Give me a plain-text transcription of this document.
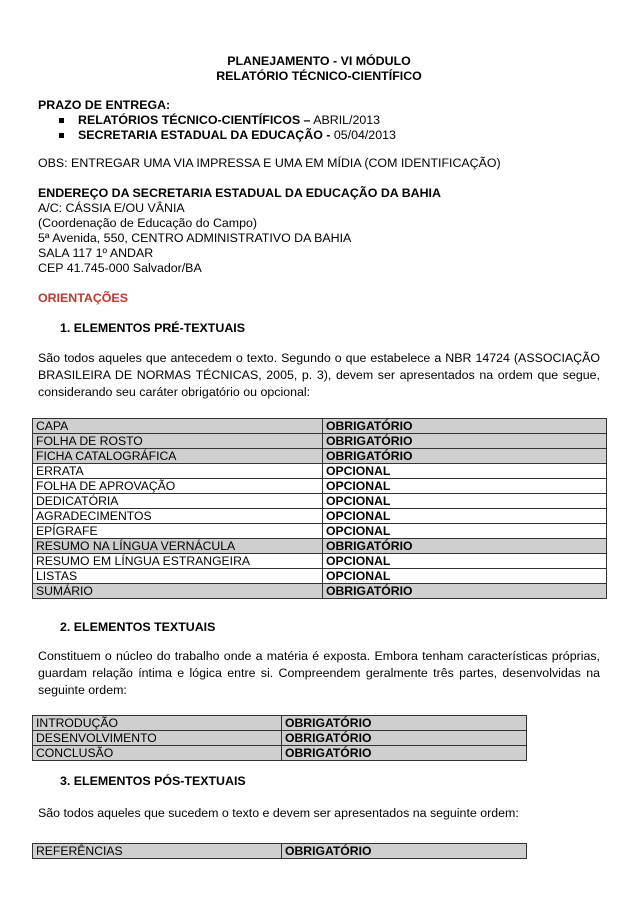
PLANEJAMENTO - VI MÓDULO
RELATÓRIO TÉCNICO-CIENTÍFICO
PRAZO DE ENTREGA:
RELATÓRIOS TÉCNICO-CIENTÍFICOS – ABRIL/2013
SECRETARIA ESTADUAL DA EDUCAÇÃO - 05/04/2013
OBS: ENTREGAR UMA VIA IMPRESSA E UMA EM MÍDIA (COM IDENTIFICAÇÃO)
ENDEREÇO DA SECRETARIA ESTADUAL DA EDUCAÇÃO DA BAHIA
A/C: CÁSSIA E/OU VÂNIA
(Coordenação de Educação do Campo)
5ª Avenida, 550, CENTRO ADMINISTRATIVO DA BAHIA
SALA 117 1º ANDAR
CEP 41.745-000 Salvador/BA
ORIENTAÇÕES
1. ELEMENTOS PRÉ-TEXTUAIS
São todos aqueles que antecedem o texto. Segundo o que estabelece a NBR 14724 (ASSOCIAÇÃO BRASILEIRA DE NORMAS TÉCNICAS, 2005, p. 3), devem ser apresentados na ordem que segue, considerando seu caráter obrigatório ou opcional:
CAPA	OBRIGATÓRIO
FOLHA DE ROSTO	OBRIGATÓRIO
FICHA CATALOGRÁFICA	OBRIGATÓRIO
ERRATA	OPCIONAL
FOLHA DE APROVAÇÃO	OPCIONAL
DEDICATÓRIA	OPCIONAL
AGRADECIMENTOS	OPCIONAL
EPÍGRAFE	OPCIONAL
RESUMO NA LÍNGUA VERNÁCULA	OBRIGATÓRIO
RESUMO EM LÍNGUA ESTRANGEIRA	OPCIONAL
LISTAS	OPCIONAL
SUMÁRIO	OBRIGATÓRIO
2. ELEMENTOS TEXTUAIS
Constituem o núcleo do trabalho onde a matéria é exposta. Embora tenham características próprias, guardam relação íntima e lógica entre si. Compreendem geralmente três partes, desenvolvidas na seguinte ordem:
INTRODUÇÃO	OBRIGATÓRIO
DESENVOLVIMENTO	OBRIGATÓRIO
CONCLUSÃO	OBRIGATÓRIO
3. ELEMENTOS PÓS-TEXTUAIS
São todos aqueles que sucedem o texto e devem ser apresentados na seguinte ordem:
REFERÊNCIAS	OBRIGATÓRIO
